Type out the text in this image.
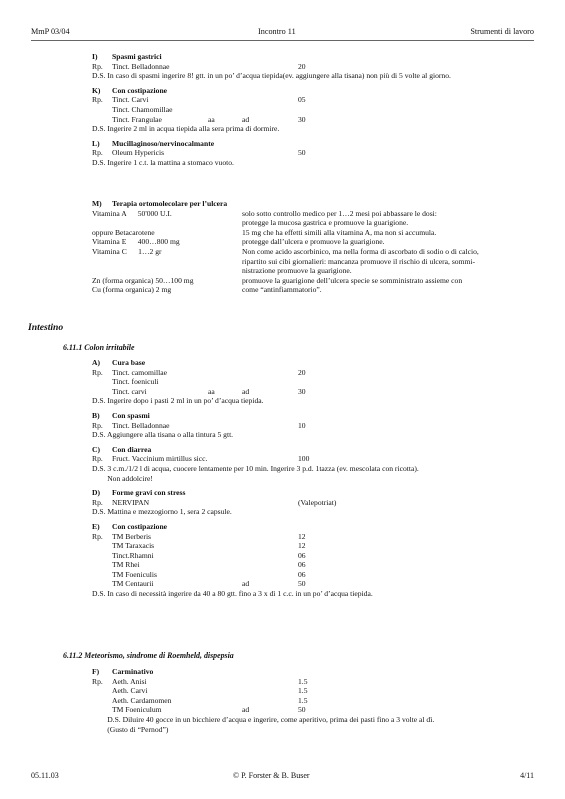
MmP 03/04	Incontro 11	Strumenti di lavoro
I) Spasmi gastrici
Rp. Tinct. Belladonnae	20
D.S. In caso di spasmi ingerire 8! gtt. in un po’ d’acqua tiepida(ev. aggiungere alla tisana) non più di 5 volte al giorno.
K) Con costipazione
Rp. Tinct. Carvi	05
Tinct. Chamomillae
Tinct. Frangulae	aa	ad	30
D.S. Ingerire 2 ml in acqua tiepida alla sera prima di dormire.
L) Mucillaginoso/nervinocalmante
Rp. Oleum Hypericis	50
D.S. Ingerire 1 c.t. la mattina a stomaco vuoto.
M) Terapia ortomolecolare per l’ulcera
Vitamina A      50'000 U.I.	solo sotto controllo medico per 1…2 mesi poi abbassare le dosi:
protegge la mucosa gastrica e promuove la guarigione.
oppure Betacarotene	15 mg che ha effetti simili alla vitamina A, ma non si accumula.
Vitamina E      400…800 mg	protegge dall’ulcera e promuove la guarigione.
Vitamina C      1…2 gr	Non come acido ascorbinico, ma nella forma di ascorbato di sodio o di calcio,
ripartito sui cibi giornalieri: mancanza promuove il rischio di ulcera, sommi-
nistrazione promuove la guarigione.
Zn (forma organica) 50…100 mg	promuove la guarigione dell’ulcera specie se somministrato assieme con
Cu (forma organica) 2 mg	come “antinfiammatorio”.
Intestino
6.11.1 Colon irritabile
A) Cura base
Rp. Tinct. camomillae	20
Tinct. foeniculi
Tinct. carvi	aa	ad	30
D.S. Ingerire dopo i pasti 2 ml in un po’ d’acqua tiepida.
B) Con spasmi
Rp. Tinct. Belladonnae	10
D.S. Aggiungere alla tisana o alla tintura 5 gtt.
C) Con diarrea
Rp. Fruct. Vaccinium mirtillus sicc.	100
D.S. 3 c.m./1/2 l di acqua, cuocere lentamente per 10 min. Ingerire 3 p.d. 1tazza (ev. mescolata con ricotta).
Non addolcire!
D) Forme gravi con stress
Rp. NERVIPAN	(Valepotriat)
D.S. Mattina e mezzogiorno 1, sera 2 capsule.
E) Con costipazione
Rp. TM Berberis	12
TM Taraxacis	12
Tinct.Rhamni	06
TM Rhei	06
TM Foeniculis	06
TM Centaurii	ad	50
D.S. In caso di necessità ingerire da 40 a 80 gtt. fino a 3 x dì 1 c.c. in un po’ d’acqua tiepida.
6.11.2 Meteorismo, sindrome di Roemheld, dispepsia
F) Carminativo
Rp. Aeth. Anisi	1.5
Aeth. Carvi	1.5
Aeth. Cardamomen	1.5
TM Foeniculum	ad	50
D.S. Diluire 40 gocce in un bicchiere d’acqua e ingerire, come aperitivo, prima dei pasti fino a 3 volte al dì.
(Gusto di “Pernod”)
05.11.03	© P. Forster & B. Buser	4/11
